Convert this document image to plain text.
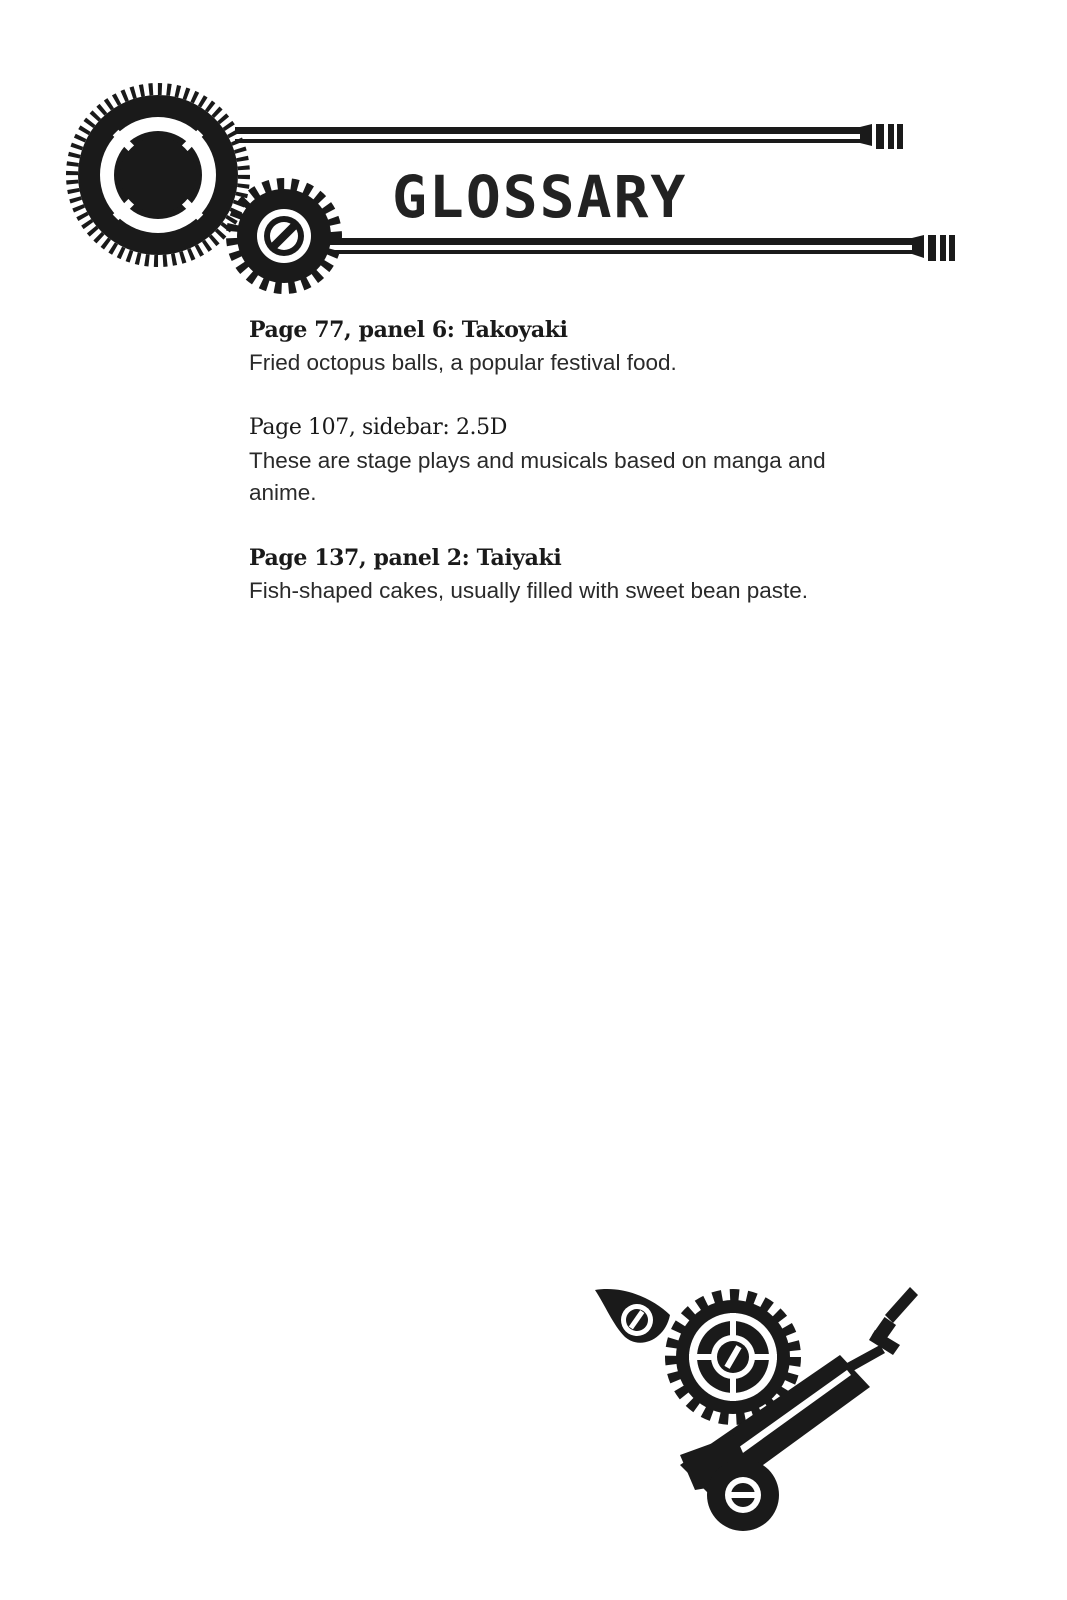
GLOSSARY
Page 77, panel 6: Takoyaki
Fried octopus balls, a popular festival food.
Page 107, sidebar: 2.5D
These are stage plays and musicals based on manga and anime.
Page 137, panel 2: Taiyaki
Fish-shaped cakes, usually filled with sweet bean paste.
